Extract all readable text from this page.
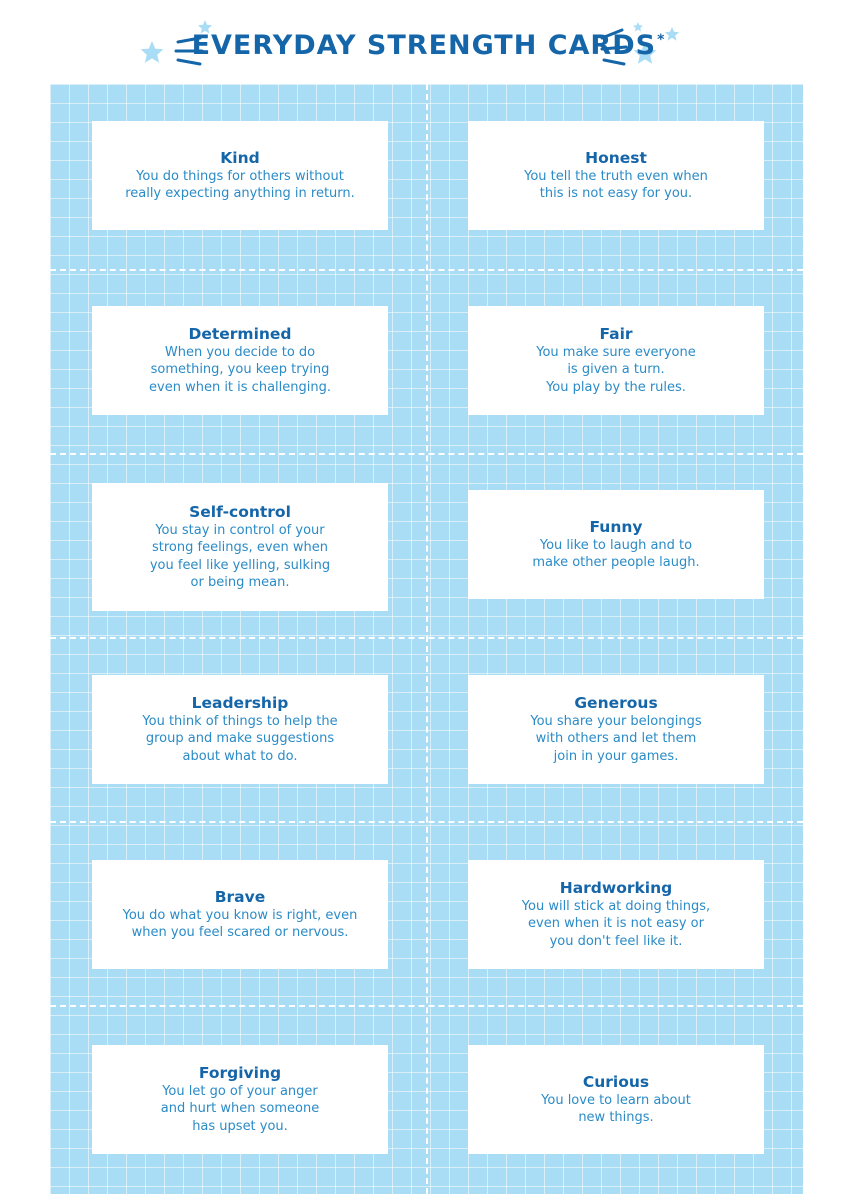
EVERYDAY STRENGTH CARDS*
Kind
You do things for others without
really expecting anything in return.
Honest
You tell the truth even when
this is not easy for you.
Determined
When you decide to do
something, you keep trying
even when it is challenging.
Fair
You make sure everyone
is given a turn.
You play by the rules.
Self-control
You stay in control of your
strong feelings, even when
you feel like yelling, sulking
or being mean.
Funny
You like to laugh and to
make other people laugh.
Leadership
You think of things to help the
group and make suggestions
about what to do.
Generous
You share your belongings
with others and let them
join in your games.
Brave
You do what you know is right, even
when you feel scared or nervous.
Hardworking
You will stick at doing things,
even when it is not easy or
you don't feel like it.
Forgiving
You let go of your anger
and hurt when someone
has upset you.
Curious
You love to learn about
new things.
